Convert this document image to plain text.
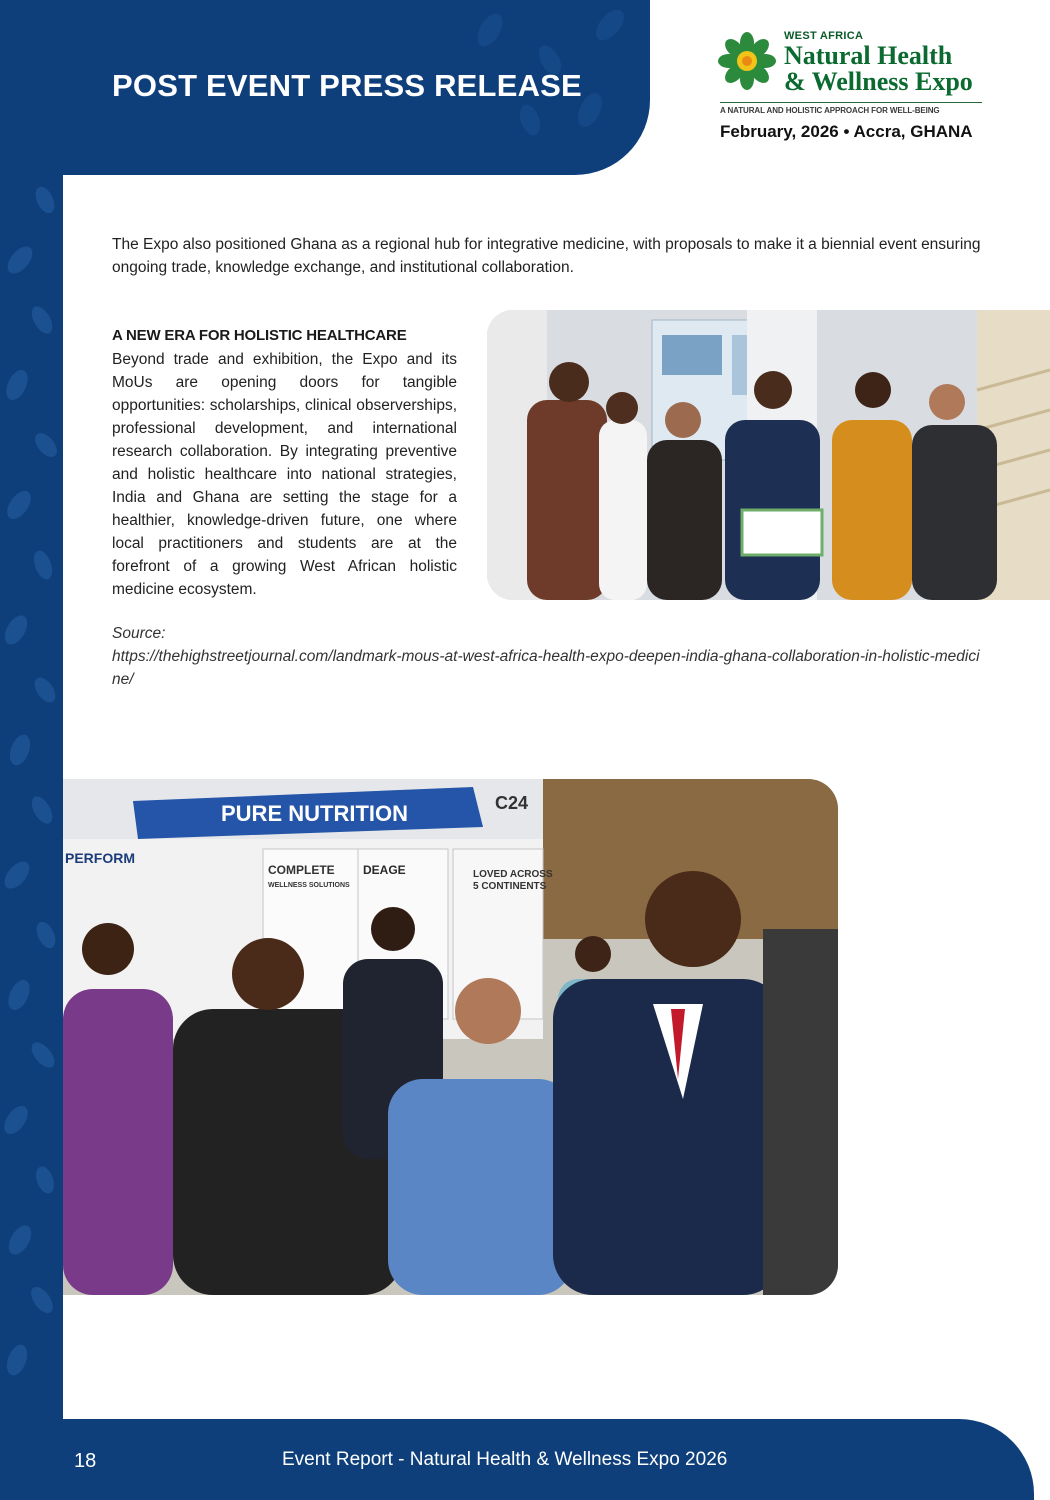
POST EVENT PRESS RELEASE
WEST AFRICA
Natural Health
& Wellness Expo
A NATURAL AND HOLISTIC APPROACH FOR WELL-BEING
February, 2026 • Accra, GHANA

The Expo also positioned Ghana as a regional hub for integrative medicine, with proposals to make it a biennial event ensuring ongoing trade, knowledge exchange, and institutional collaboration.

A NEW ERA FOR HOLISTIC HEALTHCARE

Beyond trade and exhibition, the Expo and its MoUs are opening doors for tangible opportunities: scholarships, clinical observerships, professional development, and international research collaboration. By integrating preventive and holistic healthcare into national strategies, India and Ghana are setting the stage for a healthier, knowledge-driven future, one where local practitioners and students are at the forefront of a growing West African holistic medicine ecosystem.

Source:
https://thehighstreetjournal.com/landmark-mous-at-west-africa-health-expo-deepen-india-ghana-collaboration-in-holistic-medicine/

PURE NUTRITION	C24
COMPLETE
WELLNESS SOLUTIONS
DEAGE	LOVED ACROSS
5 CONTINENTS
PERFORM
18	Event Report - Natural Health & Wellness Expo 2026
